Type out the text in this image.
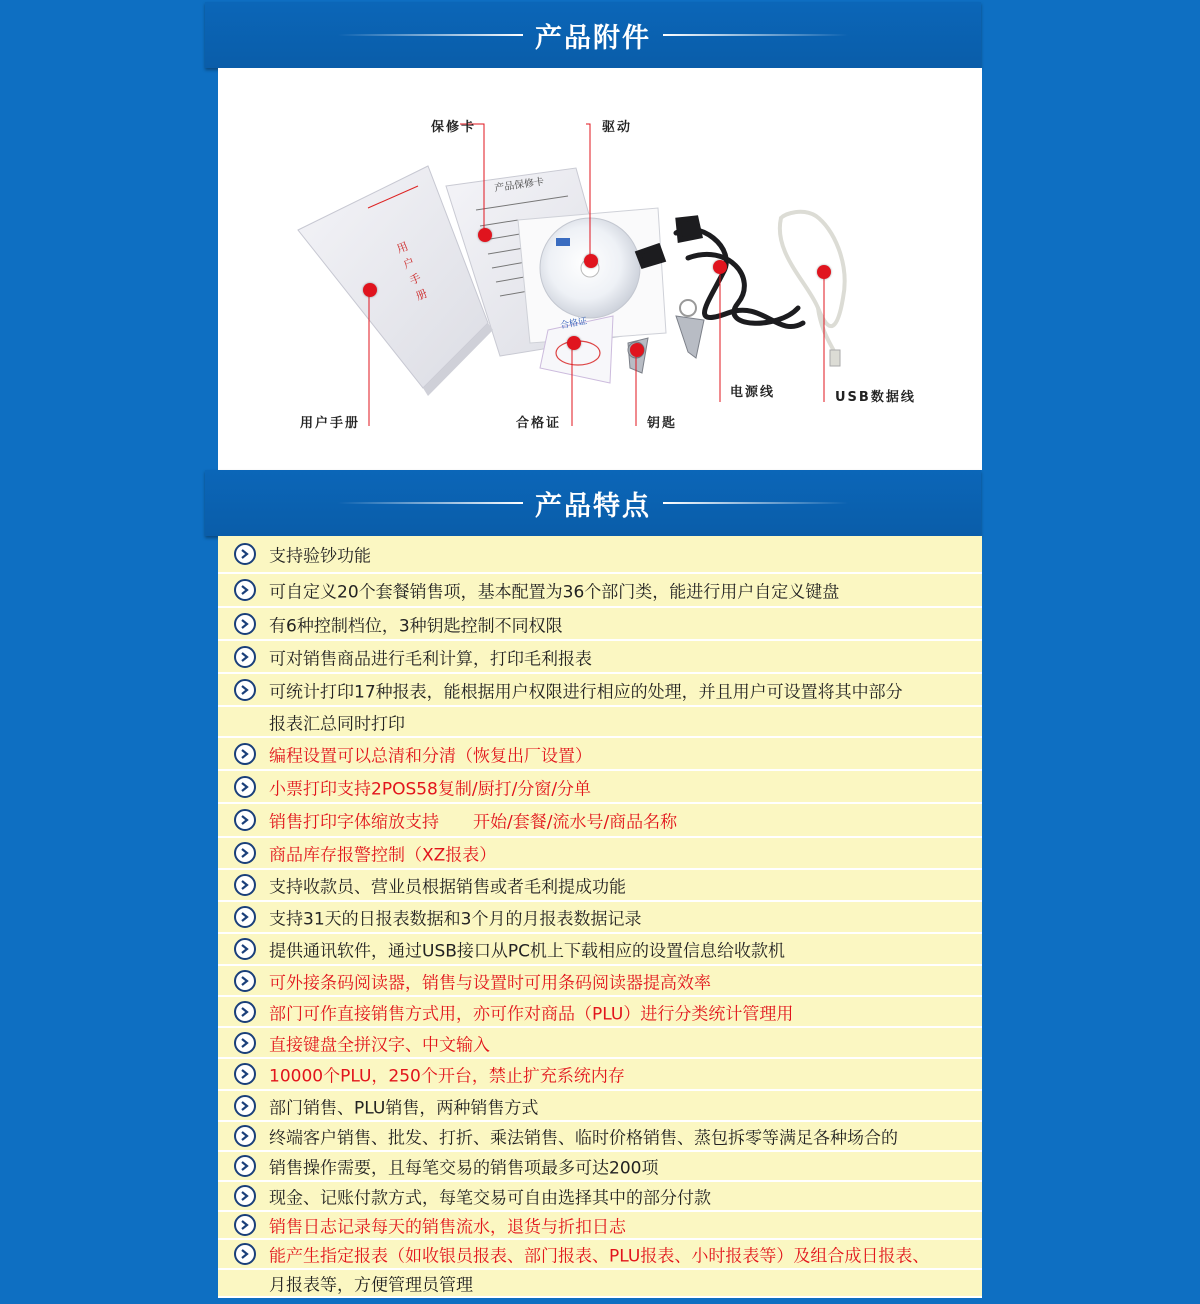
产品附件
保修卡	驱动
电源线	USB数据线
用户手册	合格证	钥匙
用户手册
产品保修卡
合格证
产品特点
支持验钞功能
可自定义20个套餐销售项，基本配置为36个部门类，能进行用户自定义键盘
有6种控制档位，3种钥匙控制不同权限
可对销售商品进行毛利计算，打印毛利报表
可统计打印17种报表，能根据用户权限进行相应的处理，并且用户可设置将其中部分
报表汇总同时打印
编程设置可以总清和分清（恢复出厂设置）
小票打印支持2POS58复制/厨打/分窗/分单
销售打印字体缩放支持　　开始/套餐/流水号/商品名称
商品库存报警控制（XZ报表）
支持收款员、营业员根据销售或者毛利提成功能
支持31天的日报表数据和3个月的月报表数据记录
提供通讯软件，通过USB接口从PC机上下载相应的设置信息给收款机
可外接条码阅读器，销售与设置时可用条码阅读器提高效率
部门可作直接销售方式用，亦可作对商品（PLU）进行分类统计管理用
直接键盘全拼汉字、中文输入
10000个PLU，250个开台，禁止扩充系统内存
部门销售、PLU销售，两种销售方式
终端客户销售、批发、打折、乘法销售、临时价格销售、蒸包拆零等满足各种场合的
销售操作需要，且每笔交易的销售项最多可达200项
现金、记账付款方式，每笔交易可自由选择其中的部分付款
销售日志记录每天的销售流水，退货与折扣日志
能产生指定报表（如收银员报表、部门报表、PLU报表、小时报表等）及组合成日报表、
月报表等，方便管理员管理
